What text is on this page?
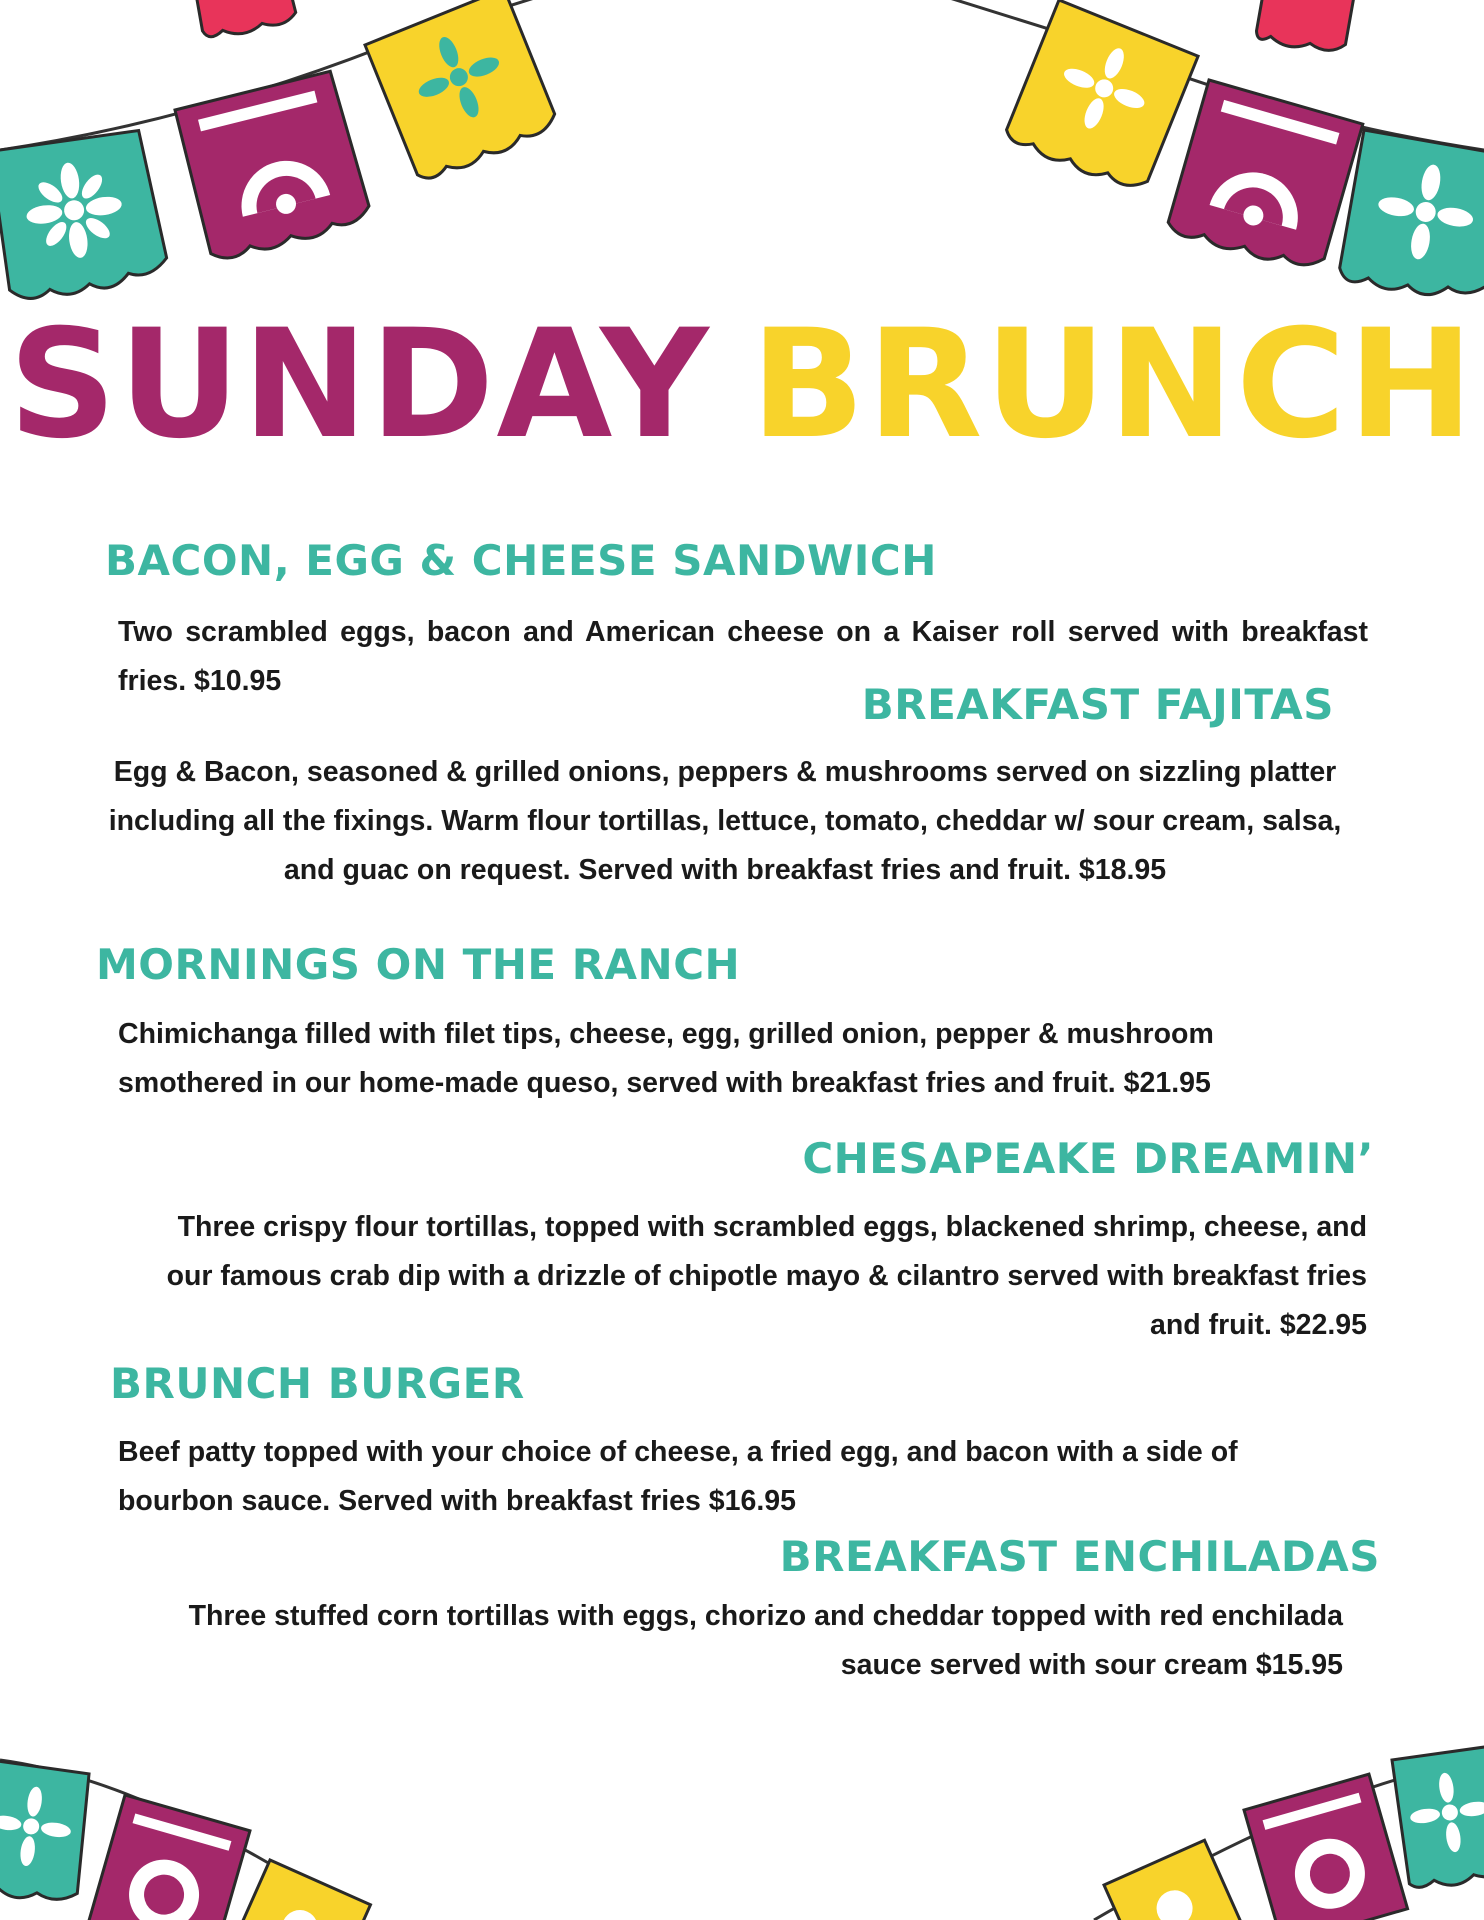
SUNDAY BRUNCH
BACON, EGG & CHEESE SANDWICH

Two scrambled eggs, bacon and American cheese on a Kaiser roll served with breakfast fries. $10.95	BREAKFAST FAJITAS

Egg & Bacon, seasoned & grilled onions, peppers & mushrooms served on sizzling platter including all the fixings. Warm flour tortillas, lettuce, tomato, cheddar w/ sour cream, salsa, and guac on request. Served with breakfast fries and fruit. $18.95

MORNINGS ON THE RANCH

Chimichanga filled with filet tips, cheese, egg, grilled onion, pepper & mushroom smothered in our home-made queso, served with breakfast fries and fruit. $21.95

CHESAPEAKE DREAMIN’

Three crispy flour tortillas, topped with scrambled eggs, blackened shrimp, cheese, and our famous crab dip with a drizzle of chipotle mayo & cilantro served with breakfast fries and fruit. $22.95

BRUNCH BURGER

Beef patty topped with your choice of cheese, a fried egg, and bacon with a side of bourbon sauce. Served with breakfast fries $16.95

BREAKFAST ENCHILADAS

Three stuffed corn tortillas with eggs, chorizo and cheddar topped with red enchilada sauce served with sour cream $15.95
